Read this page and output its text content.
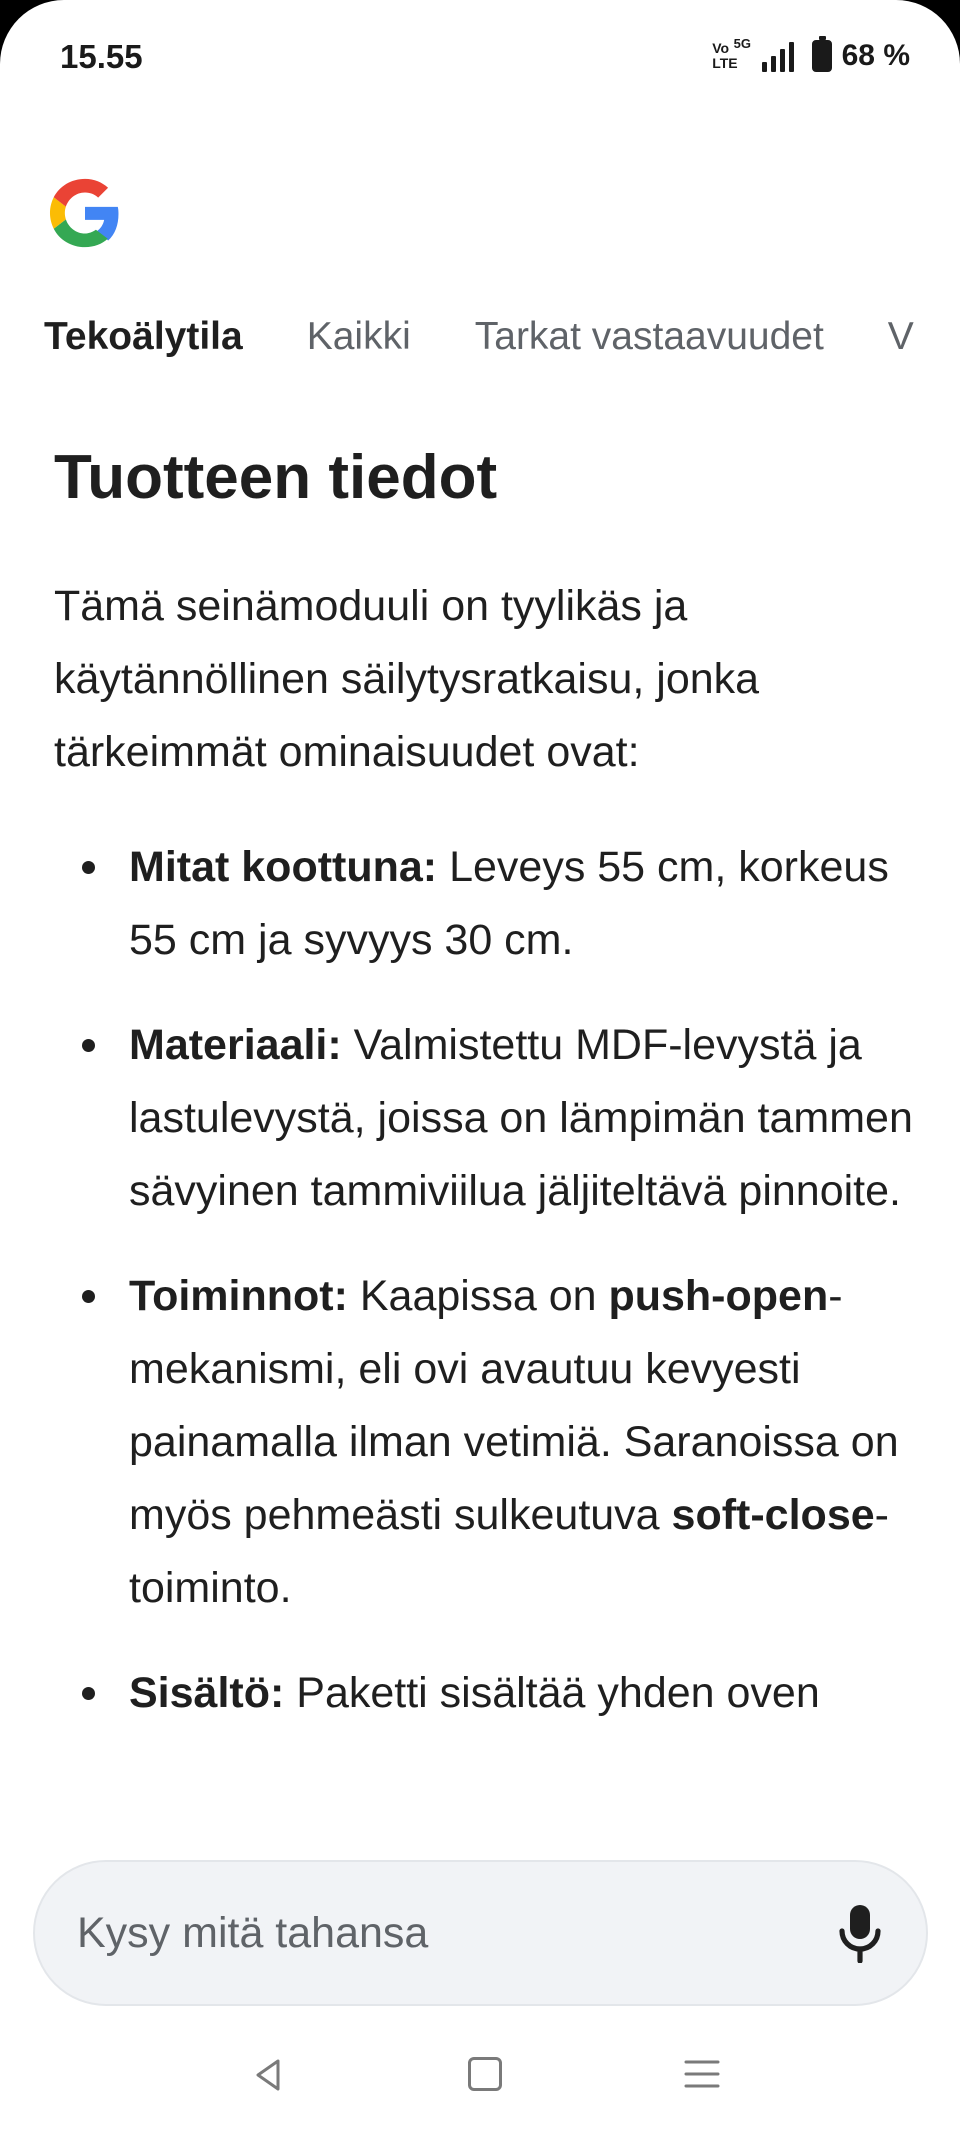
15.55	Vo
LTE
5G	68 %
Tekoälytila Kaikki Tarkat vastaavuudet V
Tuotteen tiedot

Tämä seinämoduuli on tyylikäs ja käytännöllinen säilytysratkaisu, jonka tärkeimmät ominaisuudet ovat:

Mitat koottuna: Leveys 55 cm, korkeus 55 cm ja syvyys 30 cm.
Materiaali: Valmistettu MDF-levystä ja lastulevystä, joissa on lämpimän tammen sävyinen tammiviilua jäljiteltävä pinnoite.
Toiminnot: Kaapissa on push-open-mekanismi, eli ovi avautuu kevyesti painamalla ilman vetimiä. Saranoissa on myös pehmeästi sulkeutuva soft-close-toiminto.
Sisältö: Paketti sisältää yhden oven
Kysy mitä tahansa
